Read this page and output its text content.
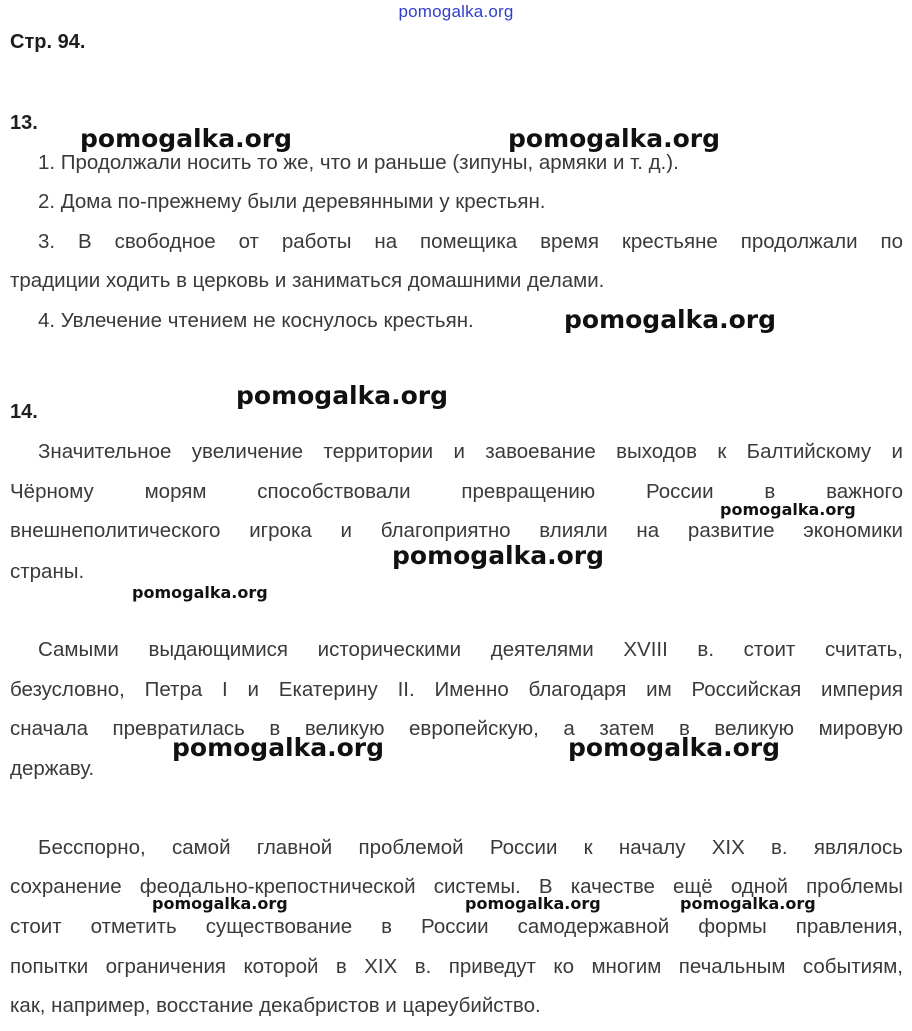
pomogalka.org
Стр. 94.
13.
1. Продолжали носить то же, что и раньше (зипуны, армяки и т. д.).
2. Дома по-прежнему были деревянными у крестьян.
3. В свободное от работы на помещика время крестьяне продолжали по
традиции ходить в церковь и заниматься домашними делами.
4. Увлечение чтением не коснулось крестьян.
14.
Значительное увеличение территории и завоевание выходов к Балтийскому и
Чёрному морям способствовали превращению России в важного
внешнеполитического игрока и благоприятно влияли на развитие экономики
страны.
Самыми выдающимися историческими деятелями XVIII в. стоит считать,
безусловно, Петра I и Екатерину II. Именно благодаря им Российская империя
сначала превратилась в великую европейскую, а затем в великую мировую
державу.
Бесспорно, самой главной проблемой России к началу XIX в. являлось
сохранение феодально-крепостнической системы. В качестве ещё одной проблемы
стоит отметить существование в России самодержавной формы правления,
попытки ограничения которой в XIX в. приведут ко многим печальным событиям,
как, например, восстание декабристов и цареубийство.
pomogalka.org	pomogalka.org
pomogalka.org
pomogalka.org
pomogalka.org
pomogalka.org
pomogalka.org
pomogalka.org	pomogalka.org
pomogalka.org	pomogalka.org	pomogalka.org
